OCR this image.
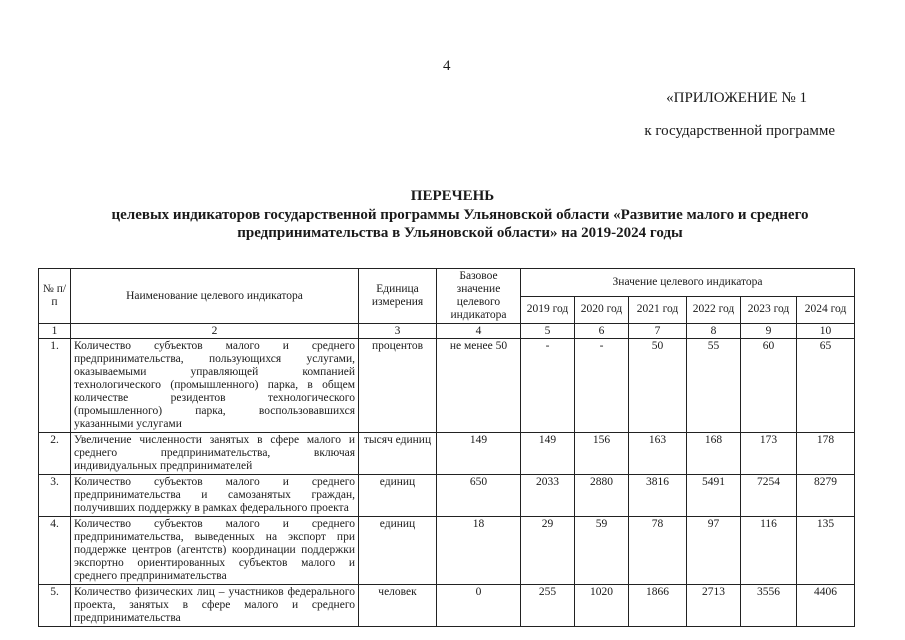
4
«ПРИЛОЖЕНИЕ № 1
к государственной программе
ПЕРЕЧЕНЬ
целевых индикаторов государственной программы Ульяновской области «Развитие малого и среднего предпринимательства в Ульяновской области» на 2019-2024 годы
№ п/п	Наименование целевого индикатора	Единица измерения	Базовое значение целевого индикатора	Значение целевого индикатора					
				2019 год	2020 год	2021 год	2022 год	2023 год	2024 год
1	2	3	4	5	6	7	8	9	10
1.	Количество субъектов малого и среднего предпринимательства, пользующихся услугами, оказываемыми управляющей компанией технологического (промышленного) парка, в общем количестве резидентов технологического (промышленного) парка, воспользовавшихся указанными услугами	процентов	не менее 50	-	-	50	55	60	65
2.	Увеличение численности занятых в сфере малого и среднего предпринимательства, включая индивидуальных предпринимателей	тысяч единиц	149	149	156	163	168	173	178
3.	Количество субъектов малого и среднего предпринимательства и самозанятых граждан, получивших поддержку в рамках федерального проекта	единиц	650	2033	2880	3816	5491	7254	8279
4.	Количество субъектов малого и среднего предпринимательства, выведенных на экспорт при поддержке центров (агентств) координации поддержки экспортно ориентированных субъектов малого и среднего предпринимательства	единиц	18	29	59	78	97	116	135
5.	Количество физических лиц – участников федерального проекта, занятых в сфере малого и среднего предпринимательства	человек	0	255	1020	1866	2713	3556	4406
